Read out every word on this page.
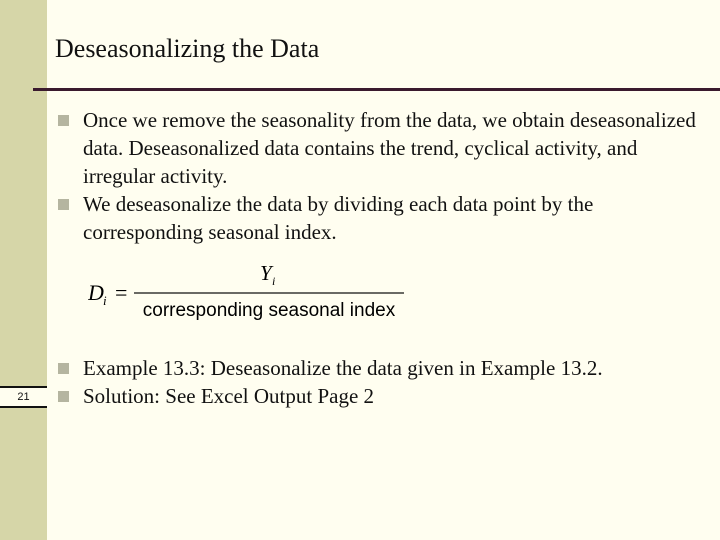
21
Deseasonalizing the Data
Once we remove the seasonality from the data, we obtain deseasonalized data. Deseasonalized data contains the trend, cyclical activity, and irregular activity.
We deseasonalize the data by dividing each data point by the corresponding seasonal index.
D i =
Y i
corresponding seasonal index
Example 13.3: Deseasonalize the data given in Example 13.2.
Solution: See Excel Output Page 2
